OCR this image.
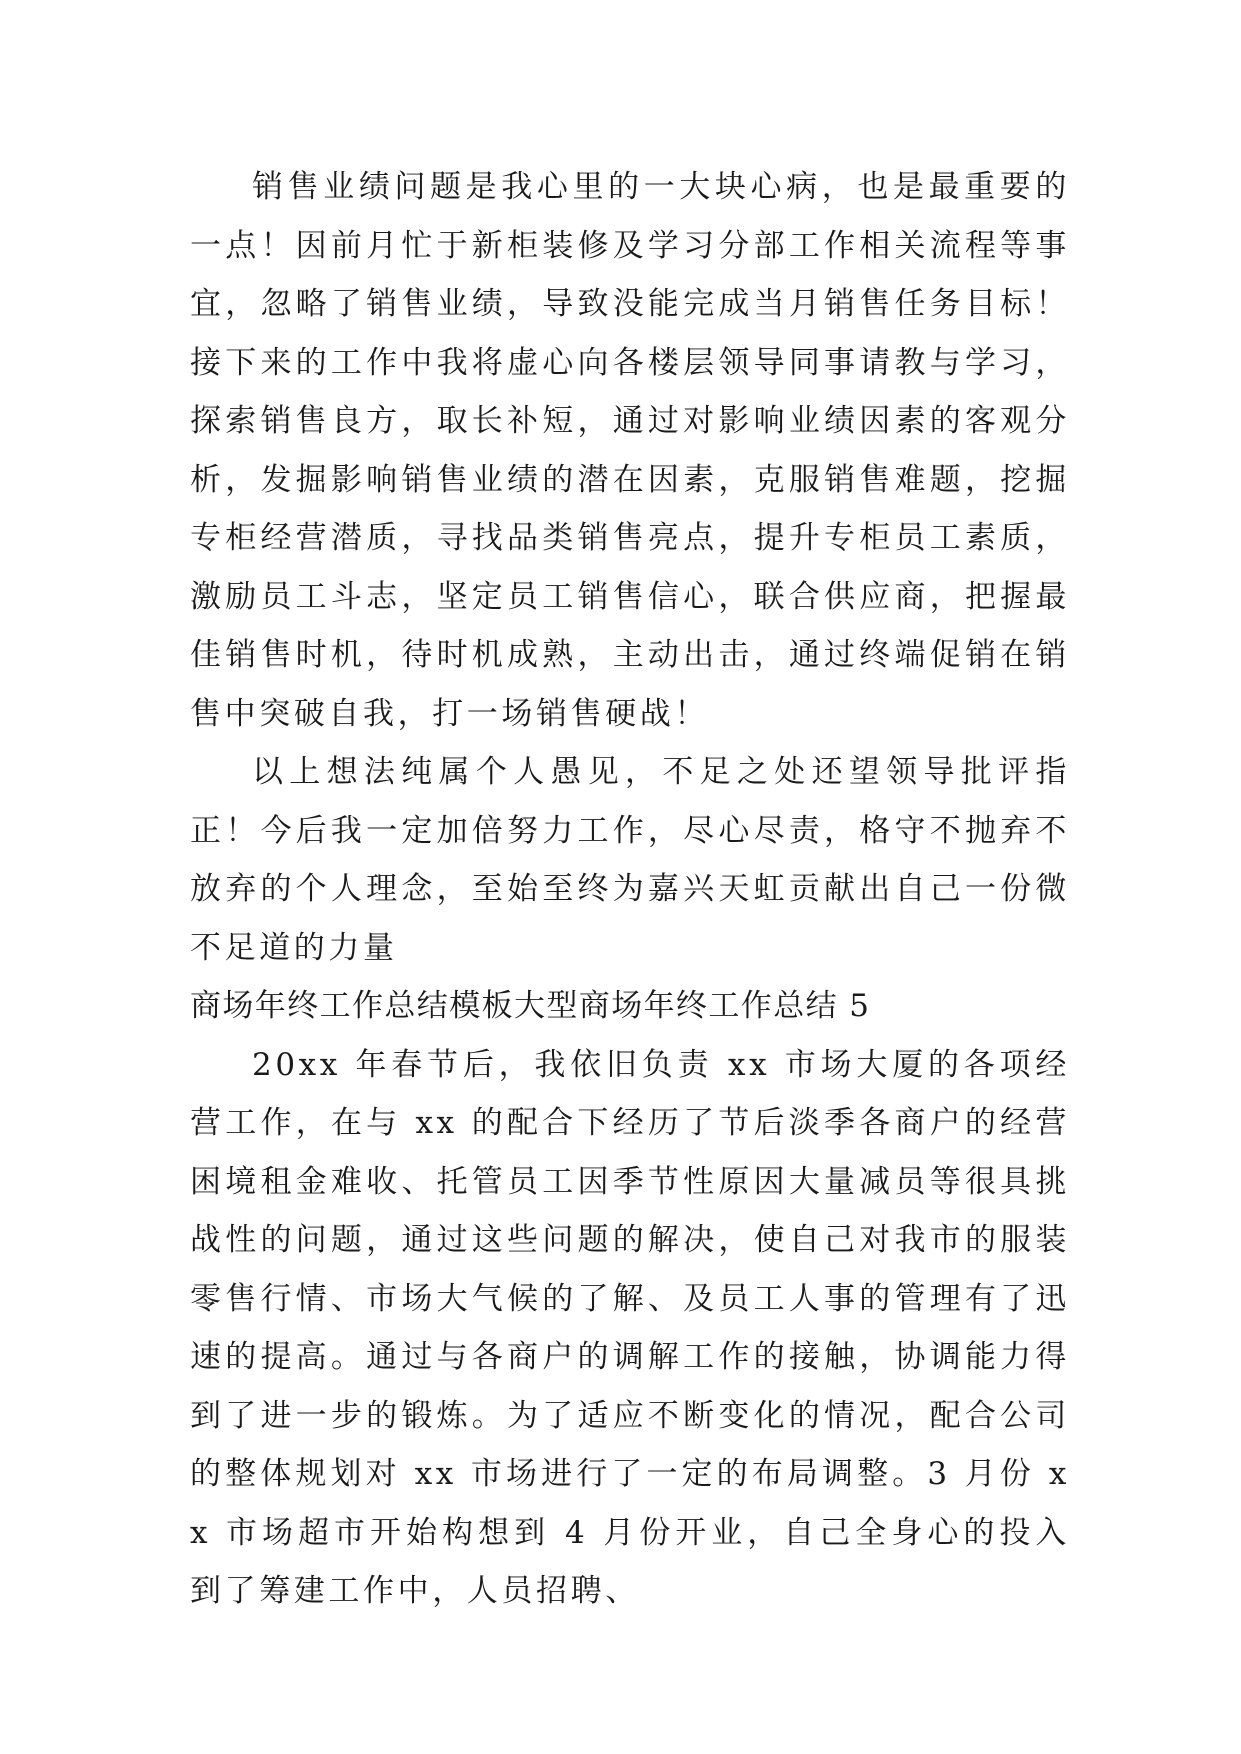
销售业绩问题是我心里的一大块心病，也是最重要的一点！因前月忙于新柜装修及学习分部工作相关流程等事宜，忽略了销售业绩，导致没能完成当月销售任务目标！接下来的工作中我将虚心向各楼层领导同事请教与学习，探索销售良方，取长补短，通过对影响业绩因素的客观分析，发掘影响销售业绩的潜在因素，克服销售难题，挖掘专柜经营潜质，寻找品类销售亮点，提升专柜员工素质，激励员工斗志，坚定员工销售信心，联合供应商，把握最佳销售时机，待时机成熟，主动出击，通过终端促销在销售中突破自我，打一场销售硬战！

以上想法纯属个人愚见，不足之处还望领导批评指正！今后我一定加倍努力工作，尽心尽责，格守不抛弃不放弃的个人理念，至始至终为嘉兴天虹贡献出自己一份微不足道的力量

商场年终工作总结模板大型商场年终工作总结 5

20xx 年春节后，我依旧负责 xx 市场大厦的各项经营工作，在与 xx 的配合下经历了节后淡季各商户的经营困境租金难收、托管员工因季节性原因大量减员等很具挑战性的问题，通过这些问题的解决，使自己对我市的服装零售行情、市场大气候的了解、及员工人事的管理有了迅速的提高。通过与各商户的调解工作的接触，协调能力得到了进一步的锻炼。为了适应不断变化的情况，配合公司的整体规划对 xx 市场进行了一定的布局调整。3 月份 xx 市场超市开始构想到 4 月份开业，自己全身心的投入到了筹建工作中，人员招聘、
